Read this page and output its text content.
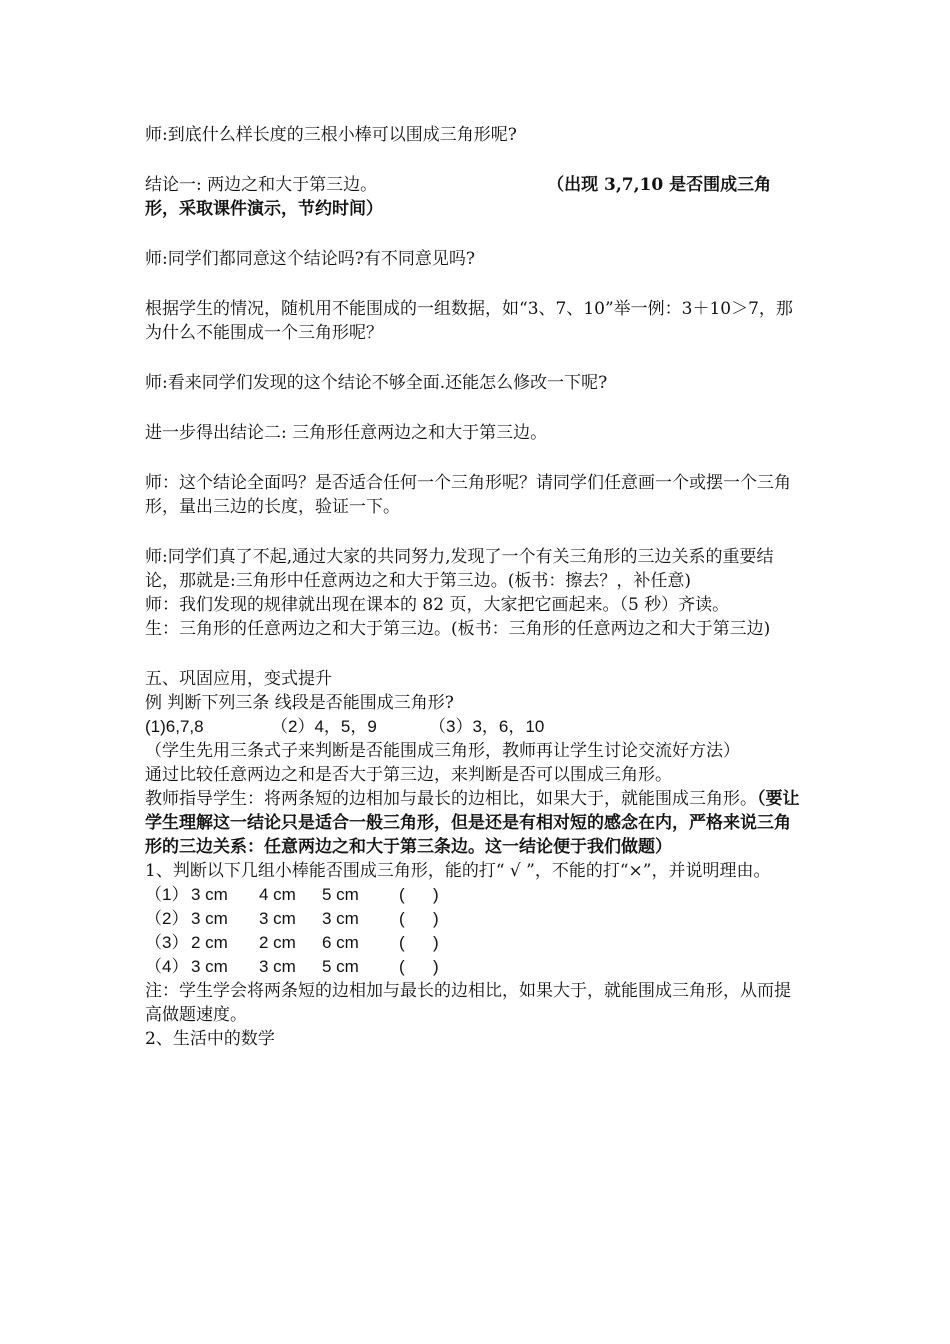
师:到底什么样长度的三根小棒可以围成三角形呢?

结论一: 两边之和大于第三边。	（出现 3,7,10 是否围成三角形，采取课件演示，节约时间）

师:同学们都同意这个结论吗?有不同意见吗?

根据学生的情况，随机用不能围成的一组数据，如“3、7、10”举一例：3＋10＞7，那为什么不能围成一个三角形呢？

师:看来同学们发现的这个结论不够全面.还能怎么修改一下呢?

进一步得出结论二: 三角形任意两边之和大于第三边。

师：这个结论全面吗？是否适合任何一个三角形呢？请同学们任意画一个或摆一个三角形，量出三边的长度，验证一下。

师:同学们真了不起,通过大家的共同努力,发现了一个有关三角形的三边关系的重要结论，那就是:三角形中任意两边之和大于第三边。(板书：擦去？，补任意)

师：我们发现的规律就出现在课本的 82 页，大家把它画起来。（5 秒）齐读。

生：三角形的任意两边之和大于第三边。(板书：三角形的任意两边之和大于第三边)

五、巩固应用，变式提升

例 判断下列三条 线段是否能围成三角形?

(1)6,7,8	（2）4，5，9	（3）3，6，10

（学生先用三条式子来判断是否能围成三角形，教师再让学生讨论交流好方法）

通过比较任意两边之和是否大于第三边，来判断是否可以围成三角形。

教师指导学生：将两条短的边相加与最长的边相比，如果大于，就能围成三角形。（要让学生理解这一结论只是适合一般三角形，但是还是有相对短的感念在内，严格来说三角形的三边关系：任意两边之和大于第三条边。这一结论便于我们做题）

1、判断以下几组小棒能否围成三角形，能的打“ √ ”，不能的打“×”，并说明理由。

（1） 3 cm	4 cm	5 cm	(      )
（2） 3 cm	3 cm	3 cm	(      )
（3） 2 cm	2 cm	6 cm	(      )
（4） 3 cm	3 cm	5 cm	(      )

注：学生学会将两条短的边相加与最长的边相比，如果大于，就能围成三角形，从而提高做题速度。

2、生活中的数学
